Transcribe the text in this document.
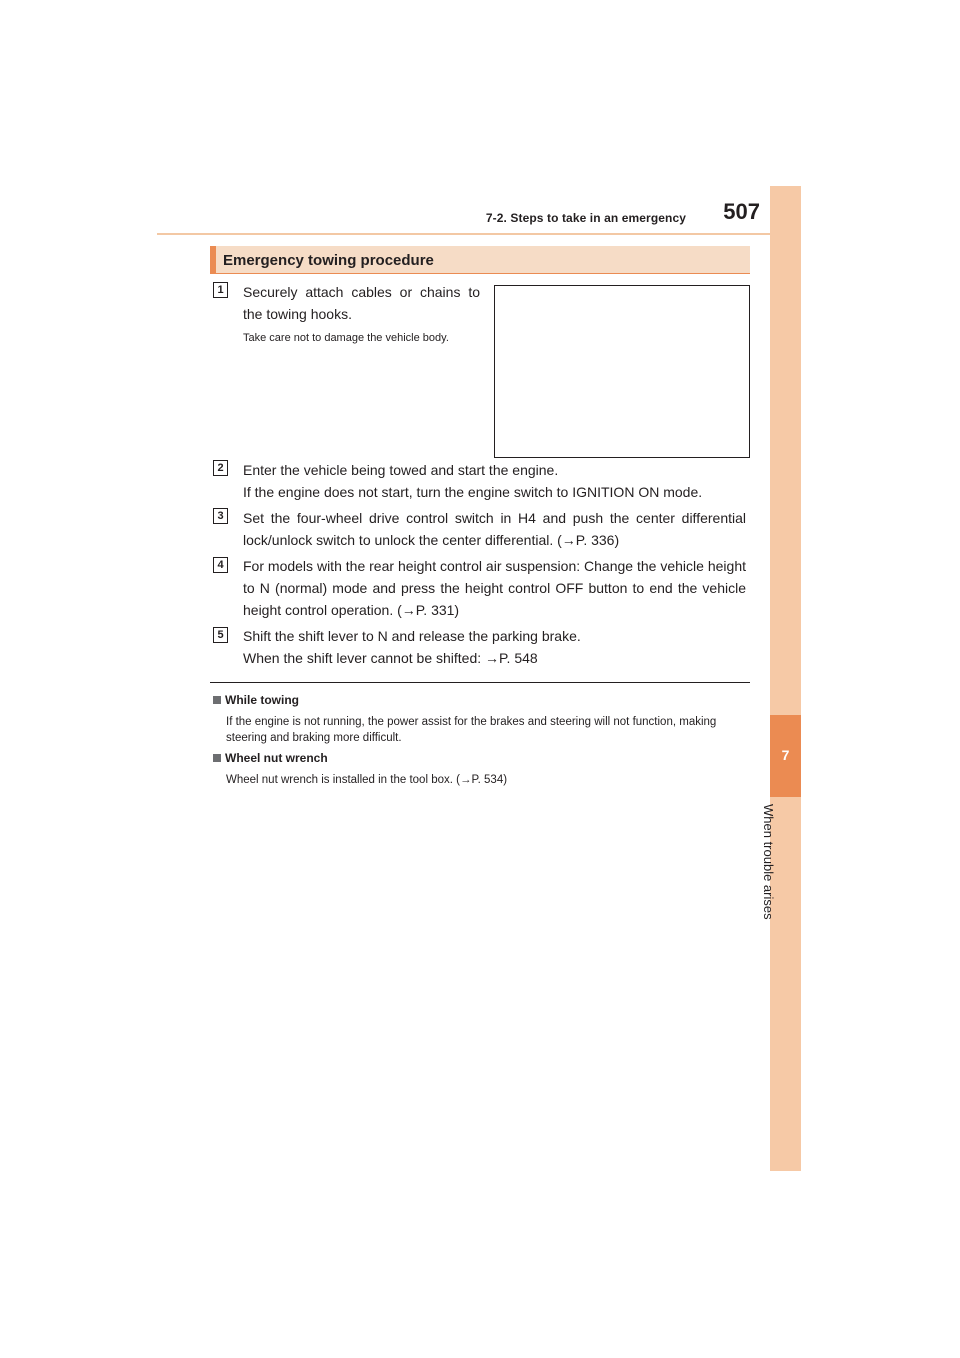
7-2. Steps to take in an emergency	507
7
When trouble arises
Emergency towing procedure
1	Securely attach cables or chains to the towing hooks.
Take care not to damage the vehicle body.
2	Enter the vehicle being towed and start the engine.
If the engine does not start, turn the engine switch to IGNITION ON mode.
3	Set the four-wheel drive control switch in H4 and push the center differential lock/unlock switch to unlock the center differential. (→P. 336)
4	For models with the rear height control air suspension: Change the vehicle height to N (normal) mode and press the height control OFF button to end the vehicle height control operation. (→P. 331)
5	Shift the shift lever to N and release the parking brake.
When the shift lever cannot be shifted: →P. 548
While towing
If the engine is not running, the power assist for the brakes and steering will not function, making steering and braking more difficult.
Wheel nut wrench
Wheel nut wrench is installed in the tool box. (→P. 534)
